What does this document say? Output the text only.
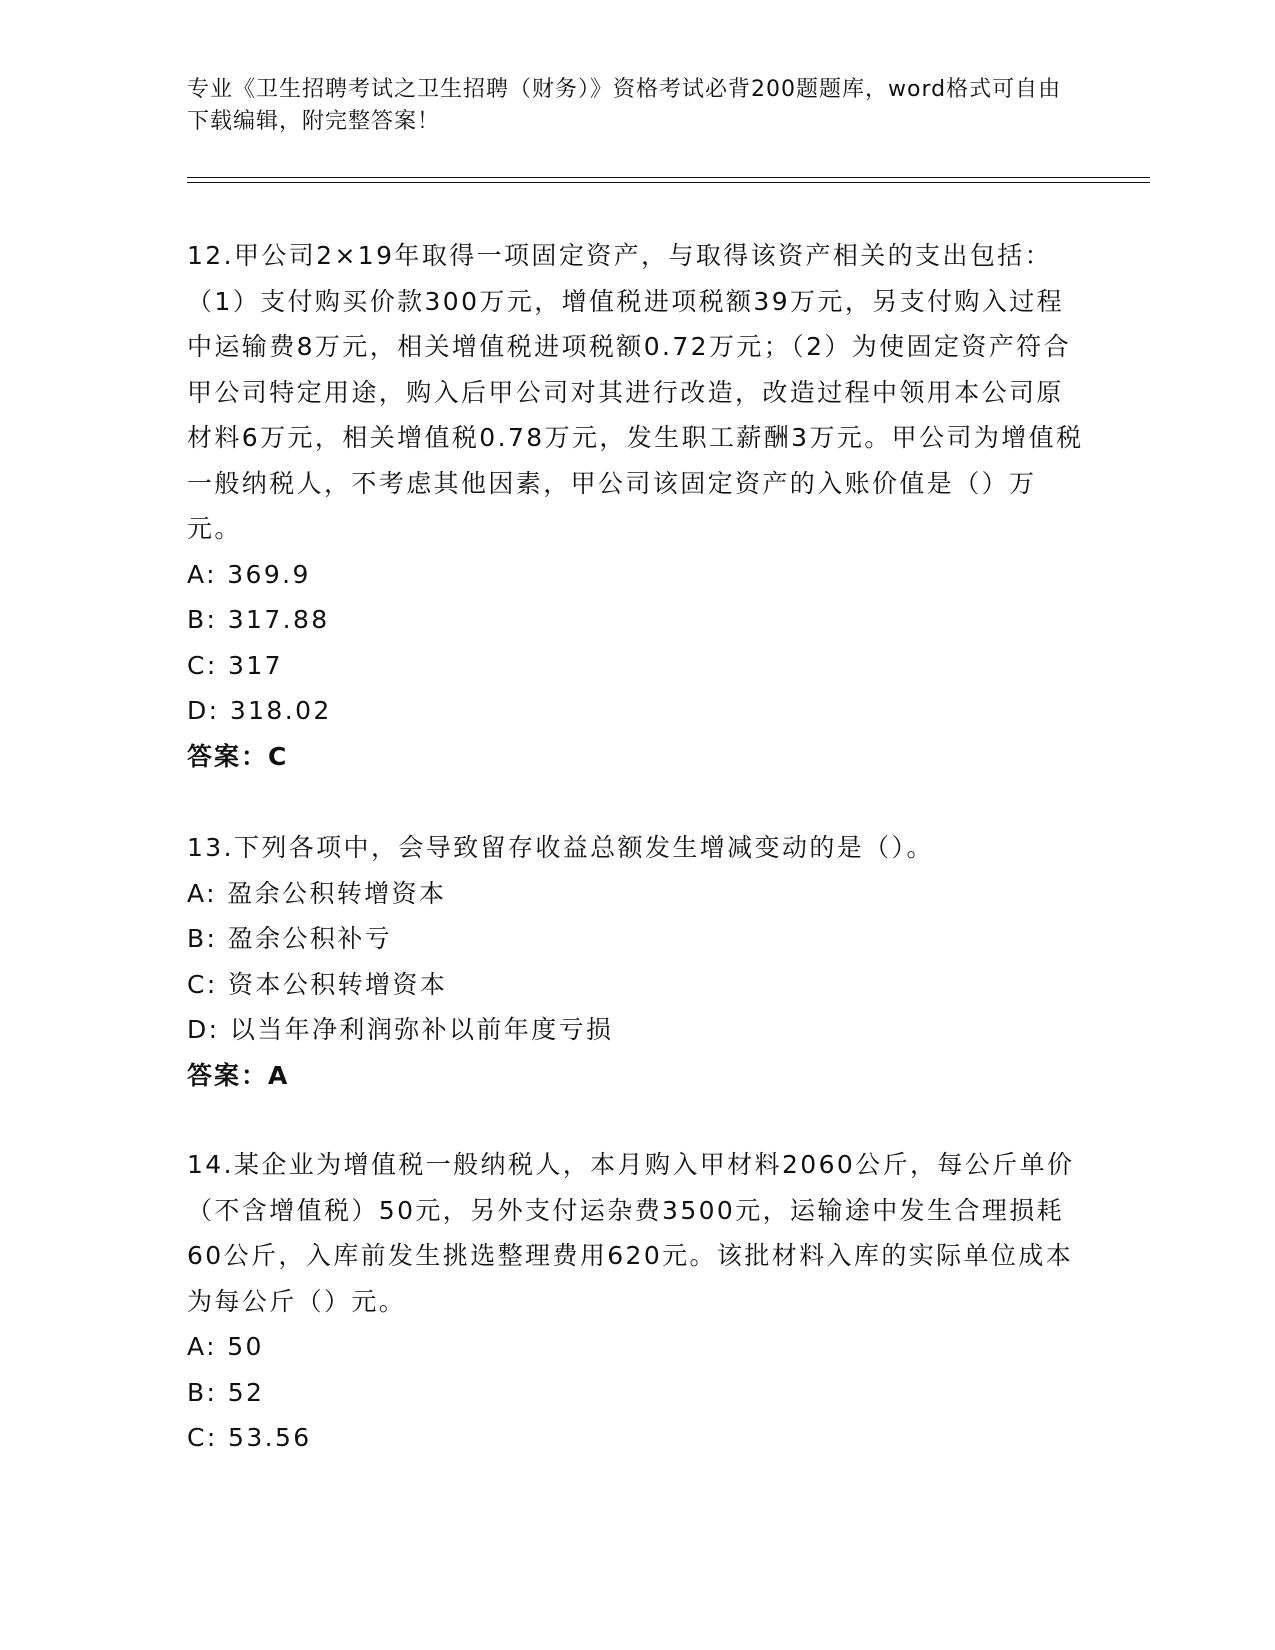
专业《卫生招聘考试之卫生招聘（财务）》资格考试必背200题题库，word格式可自由下载编辑，附完整答案！

12.甲公司2×19年取得一项固定资产，与取得该资产相关的支出包括：（1）支付购买价款300万元，增值税进项税额39万元，另支付购入过程中运输费8万元，相关增值税进项税额0.72万元；（2）为使固定资产符合甲公司特定用途，购入后甲公司对其进行改造，改造过程中领用本公司原材料6万元，相关增值税0.78万元，发生职工薪酬3万元。甲公司为增值税一般纳税人，不考虑其他因素，甲公司该固定资产的入账价值是（）万元。

A: 369.9
B: 317.88
C: 317
D: 318.02
答案：C

13.下列各项中，会导致留存收益总额发生增减变动的是（）。

A: 盈余公积转增资本
B: 盈余公积补亏
C: 资本公积转增资本
D: 以当年净利润弥补以前年度亏损
答案：A

14.某企业为增值税一般纳税人，本月购入甲材料2060公斤，每公斤单价（不含增值税）50元，另外支付运杂费3500元，运输途中发生合理损耗60公斤，入库前发生挑选整理费用620元。该批材料入库的实际单位成本为每公斤（）元。

A: 50
B: 52
C: 53.56
